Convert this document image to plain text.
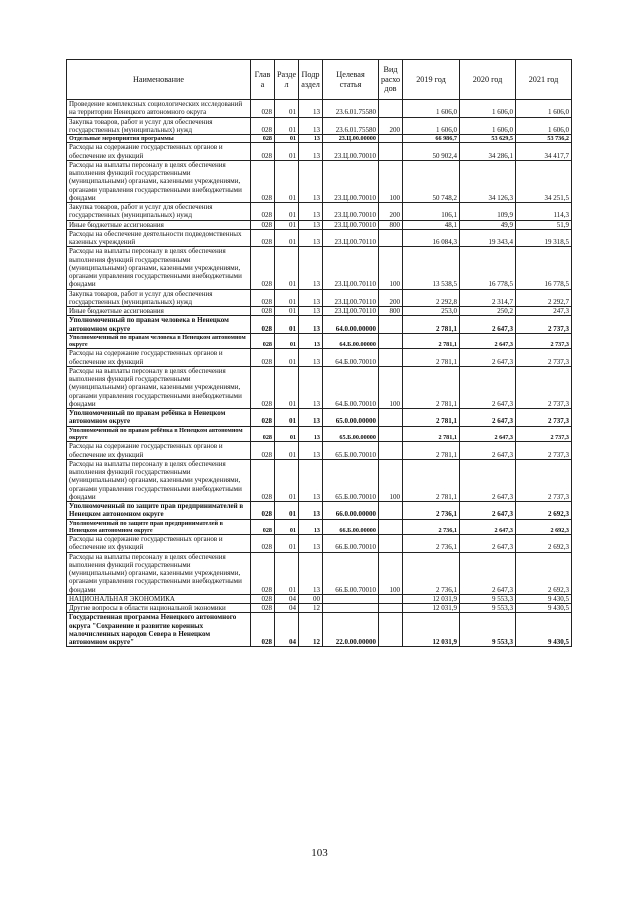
Наименование	Глав а	Разде л	Подр аздел	Целевая статья	Вид расхо дов	2019 год	2020 год	2021 год
Проведение комплексных социологических исследований на территории Ненецкого автономного округа	028	01	13	23.6.01.75580		1 606,0	1 606,0	1 606,0
Закупка товаров, работ и услуг для обеспечения государственных (муниципальных) нужд	028	01	13	23.6.01.75580	200	1 606,0	1 606,0	1 606,0
Отдельные мероприятия программы	028	01	13	23.Ц.00.00000		66 986,7	53 629,5	53 736,2
Расходы на содержание государственных органов и обеспечение их функций	028	01	13	23.Ц.00.70010		50 902,4	34 286,1	34 417,7
Расходы на выплаты персоналу в целях обеспечения выполнения функций государственными (муниципальными) органами, казенными учреждениями, органами управления государственными внебюджетными фондами	028	01	13	23.Ц.00.70010	100	50 748,2	34 126,3	34 251,5
Закупка товаров, работ и услуг для обеспечения государственных (муниципальных) нужд	028	01	13	23.Ц.00.70010	200	106,1	109,9	114,3
Иные бюджетные ассигнования	028	01	13	23.Ц.00.70010	800	48,1	49,9	51,9
Расходы на обеспечение деятельности подведомственных казенных учреждений	028	01	13	23.Ц.00.70110		16 084,3	19 343,4	19 318,5
Расходы на выплаты персоналу в целях обеспечения выполнения функций государственными (муниципальными) органами, казенными учреждениями, органами управления государственными внебюджетными фондами	028	01	13	23.Ц.00.70110	100	13 538,5	16 778,5	16 778,5
Закупка товаров, работ и услуг для обеспечения государственных (муниципальных) нужд	028	01	13	23.Ц.00.70110	200	2 292,8	2 314,7	2 292,7
Иные бюджетные ассигнования	028	01	13	23.Ц.00.70110	800	253,0	250,2	247,3
Уполномоченный по правам человека в Ненецком автономном округе	028	01	13	64.0.00.00000		2 781,1	2 647,3	2 737,3
Уполномоченный по правам человека в Ненецком автономном округе	028	01	13	64.Б.00.00000		2 781,1	2 647,3	2 737,3
Расходы на содержание государственных органов и обеспечение их функций	028	01	13	64.Б.00.70010		2 781,1	2 647,3	2 737,3
Расходы на выплаты персоналу в целях обеспечения выполнения функций государственными (муниципальными) органами, казенными учреждениями, органами управления государственными внебюджетными фондами	028	01	13	64.Б.00.70010	100	2 781,1	2 647,3	2 737,3
Уполномоченный по правам ребёнка в Ненецком автономном округе	028	01	13	65.0.00.00000		2 781,1	2 647,3	2 737,3
Уполномоченный по правам ребёнка в Ненецком автономном округе	028	01	13	65.Б.00.00000		2 781,1	2 647,3	2 737,3
Расходы на содержание государственных органов и обеспечение их функций	028	01	13	65.Б.00.70010		2 781,1	2 647,3	2 737,3
Расходы на выплаты персоналу в целях обеспечения выполнения функций государственными (муниципальными) органами, казенными учреждениями, органами управления государственными внебюджетными фондами	028	01	13	65.Б.00.70010	100	2 781,1	2 647,3	2 737,3
Уполномоченный по защите прав предпринимателей в Ненецком автономном округе	028	01	13	66.0.00.00000		2 736,1	2 647,3	2 692,3
Уполномоченный по защите прав предпринимателей в Ненецком автономном округе	028	01	13	66.Б.00.00000		2 736,1	2 647,3	2 692,3
Расходы на содержание государственных органов и обеспечение их функций	028	01	13	66.Б.00.70010		2 736,1	2 647,3	2 692,3
Расходы на выплаты персоналу в целях обеспечения выполнения функций государственными (муниципальными) органами, казенными учреждениями, органами управления государственными внебюджетными фондами	028	01	13	66.Б.00.70010	100	2 736,1	2 647,3	2 692,3
НАЦИОНАЛЬНАЯ ЭКОНОМИКА	028	04	00			12 031,9	9 553,3	9 430,5
Другие вопросы в области национальной экономики	028	04	12			12 031,9	9 553,3	9 430,5
Государственная программа Ненецкого автономного округа "Сохранение и развитие коренных малочисленных народов Севера в Ненецком автономном округе"	028	04	12	22.0.00.00000		12 031,9	9 553,3	9 430,5
103
